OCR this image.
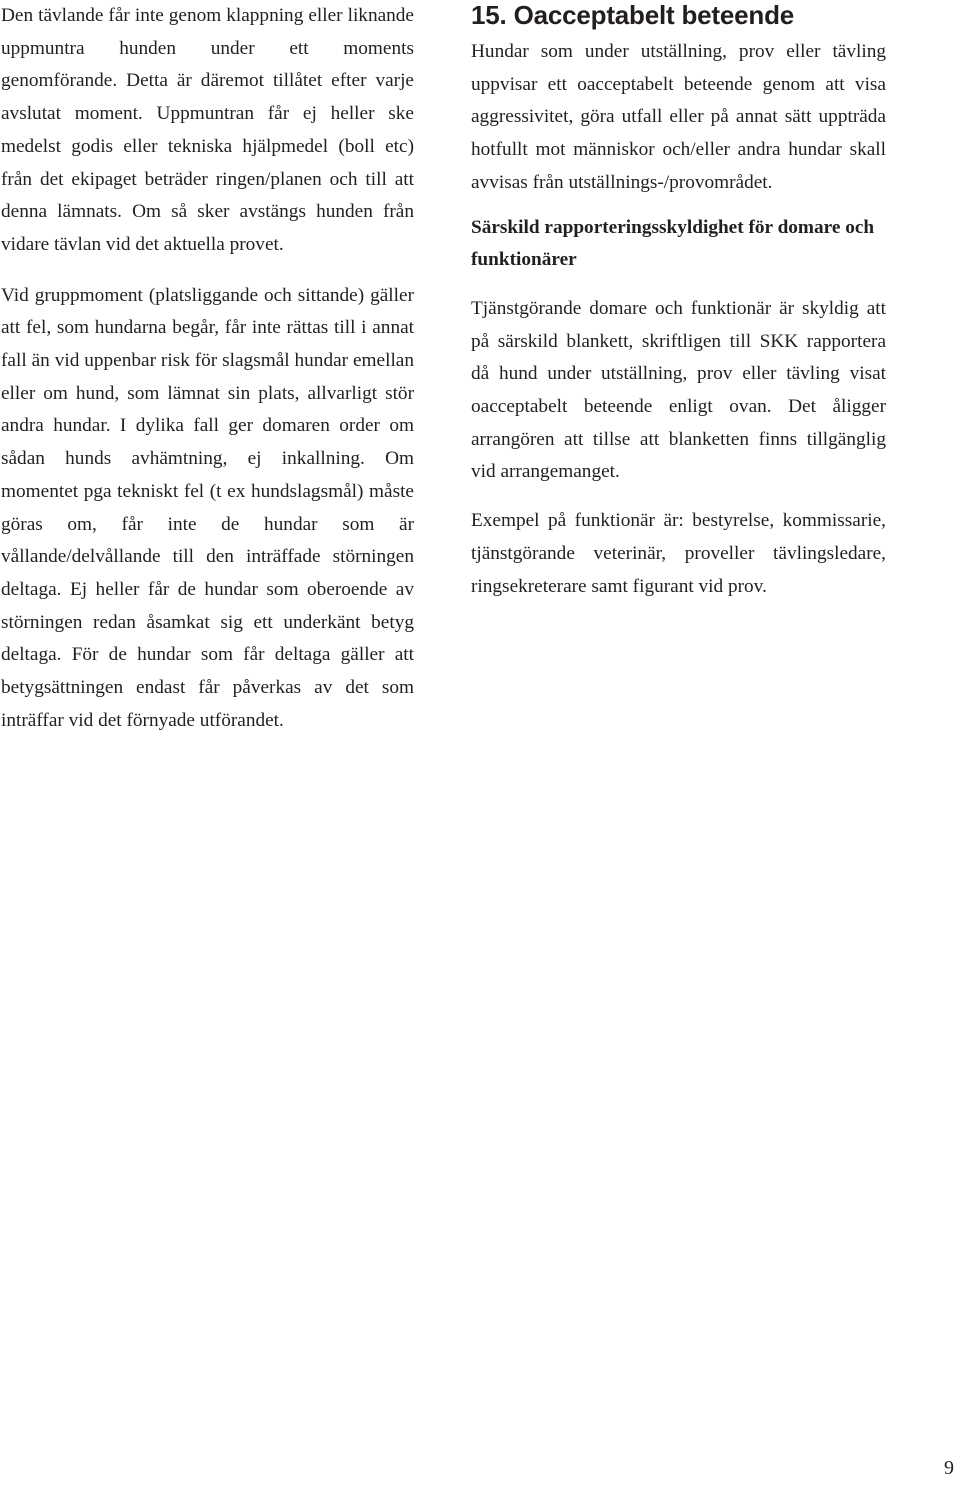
Den tävlande får inte genom klappning eller liknande uppmuntra hunden under ett moments genomförande. Detta är däremot tillåtet efter varje avslutat moment. Uppmuntran får ej heller ske medelst godis eller tekniska hjälpmedel (boll etc) från det ekipaget beträder ringen/planen och till att denna lämnats. Om så sker avstängs hunden från vidare tävlan vid det aktuella provet.

Vid gruppmoment (platsliggande och sittande) gäller att fel, som hundarna begår, får inte rättas till i annat fall än vid uppenbar risk för slagsmål hundar emellan eller om hund, som lämnat sin plats, allvarligt stör andra hundar. I dylika fall ger domaren order om sådan hunds avhämtning, ej inkallning. Om momentet pga tekniskt fel (t ex hundslagsmål) måste göras om, får inte de hundar som är vållande/delvållande till den inträffade störningen deltaga. Ej heller får de hundar som oberoende av störningen redan åsamkat sig ett underkänt betyg deltaga. För de hundar som får deltaga gäller att betygsättningen endast får påverkas av det som inträffar vid det förnyade utförandet.

15. Oacceptabelt beteende

Hundar som under utställning, prov eller tävling uppvisar ett oacceptabelt beteende genom att visa aggressivitet, göra utfall eller på annat sätt uppträda hotfullt mot människor och/eller andra hundar skall avvisas från utställnings-/provområdet.

Särskild rapporteringsskyldighet för domare och funktionärer

Tjänstgörande domare och funktionär är skyldig att på särskild blankett, skriftligen till SKK rapportera då hund under utställning, prov eller tävling visat oacceptabelt beteende enligt ovan. Det åligger arrangören att tillse att blanketten finns tillgänglig vid arrangemanget.

Exempel på funktionär är: bestyrelse, kommissarie, tjänstgörande veterinär, proveller tävlingsledare, ringsekreterare samt figurant vid prov.

9
